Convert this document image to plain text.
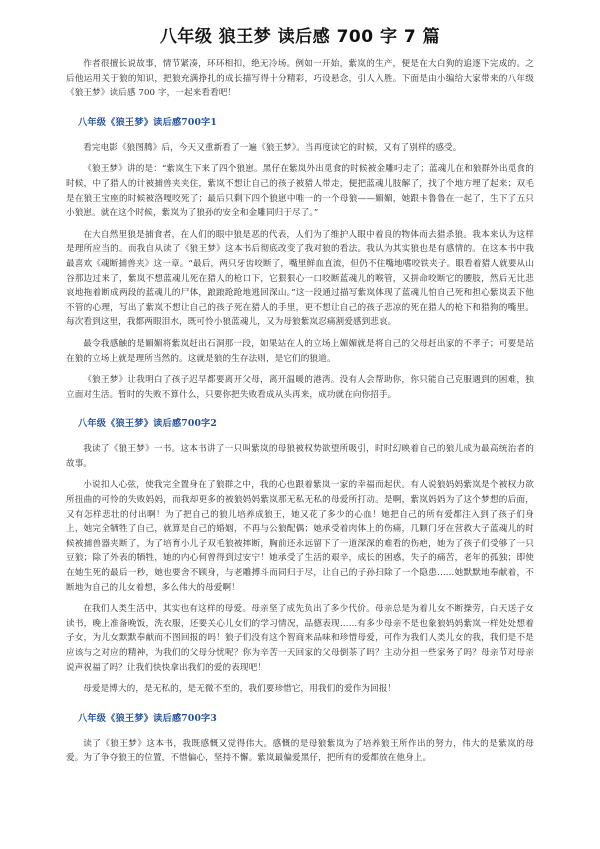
八年级 狼王梦 读后感 700 字 7 篇

作者很擅长说故事，情节紧凑，环环相扣，绝无冷场。例如一开始，紫岚的生产，便是在大白狗的追逐下完成的。之后他运用关于狼的知识，把狼充满挣扎的成长描写得十分精彩，巧设悬念，引人入胜。下面是由小编给大家带来的八年级《狼王梦》读后感 700 字，一起来看看吧！

八年级《狼王梦》读后感700字1

看完电影《狼图腾》后，今天又重新看了一遍《狼王梦》。当再度读它的时候，又有了别样的感受。

《狼王梦》讲的是：“紫岚生下来了四个狼崽。黑仔在紫岚外出觅食的时候被金雕叼走了；蓝魂儿在和狼群外出觅食的时候，中了猎人的计被捕兽夹夹住，紫岚不想让自己的孩子被猎人带走，便把蓝魂儿肢解了，找了个地方埋了起来；双毛是在狼王宝座的时候被洛嘎咬死了；最后只剩下四个狼崽中唯一的一个母狼——媚媚，她跟卡鲁鲁在一起了，生下了五只小狼崽。就在这个时候，紫岚为了狼孙的安全和金雕同归于尽了。”

在大自然里狼是捕食者，在人们的眼中狼是恶的代表，人们为了维护人眼中着良的物体而去猎杀狼。我本来认为这样是理所应当的。而我自从读了《狼王梦》这本书后彻底改变了我对狼的看法。我认为其实狼也是有感情的。在这本书中我最喜欢《魂断捕兽夹》这一章。“最后，两只牙齿咬断了，嘴里鲜血直流，但仍不住嘴地嗜咬铁夹子。眼看着猎人就要从山谷那边过来了，紫岚不想蓝魂儿死在猎人的枪口下，它狠狠心一口咬断蓝魂儿的喉管，又拼命咬断它的腰肢，然后无比悲哀地拖着断成两段的蓝魂儿的尸体，踉踉跄跄地逃回深山。”这一段通过描写紫岚体现了蓝魂儿怕自己死和担心紫岚丢下他不管的心理，写出了紫岚不想让自己的孩子死在猎人的手里，更不想让自己的孩子悲凉的死在猎人的枪下和猎狗的嘴里。每次看到这里，我都两眼泪水，既可怜小狼蓝魂儿，又为母狼紫岚忍痛割爱感到悲哀。

最令我感触的是媚媚将紫岚赶出石洞那一段，如果站在人的立场上媚媚就是将自己的父母赶出家的不孝子；可要是站在狼的立场上就是理所当然的。这就是狼的生存法则，是它们的狼道。

《狼王梦》让我明白了孩子迟早都要离开父母，离开温暖的港湾。没有人会帮助你，你只能自己克服遇到的困难，独立面对生活。暂时的失败不算什么，只要你把失败看成从头再来，成功就在向你招手。

八年级《狼王梦》读后感700字2

我读了《狼王梦》一书。这本书讲了一只叫紫岚的母狼被权势欲望所吸引，时时幻映着自己的狼儿成为最高统治者的故事。

小说扣人心弦，使我完全置身在了狼群之中，我的心也跟着紫岚一家的幸福而起伏。有人说狼妈妈紫岚是个被权力欲所扭曲的可怜的失败妈妈，而我却更多的被狼妈妈紫岚那无私无私的母爱所打动。是啊，紫岚妈妈为了这个梦想的后面，又有怎样悲壮的付出啊！为了把自己的狼儿培养成狼王，她又花了多少的心血！她把自己的所有爱都注入到了孩子们身上，她完全牺牲了自己，就算是自己的婚姻，不再与公狼配偶；她承受着肉体上的伤痛，几颗门牙在营救大子蓝魂儿的时候被捕兽器夹断了，为了培育小儿子双毛狼被摔断，胸前还永远留下了一道深深的难看的伤疤，她为了孩子们受够了一只豆狼；除了外表的牺牲，她的内心何曾得到过安宁！她承受了生活的艰辛，成长的困惑，失子的痛苦，老年的孤独；即使在她生死的最后一秒，她也要舍不顾身，与老雕搏斗而同归于尽，让自己的子孙扫除了一个隐患……她默默地奉献着，不断地为自己的儿女着想，多么伟大的母爱啊！

在我们人类生活中，其实也有这样的母爱。母亲坚了成先负出了多少代价。母亲总是为着儿女不断操劳，白天送子女读书，晚上准备晚饭，洗衣服，还要关心儿女们的学习情况，品德表现……有多少母亲不是也象狼妈妈紫岚一样处处想着子女，为儿女默默奉献而不图回报的吗！狼子们没有这个智商来品味和珍惜母爱，可作为我们人类儿女的我，我们是不是应该与之对应的精神，为我们的父母分忧呢？你为辛苦一天回家的父母倒茶了吗？主动分担一些家务了吗？母亲节对母亲说声祝福了吗？让我们快快拿出我们的爱的表现吧！

母爱是博大的，是无私的，是无微不至的，我们要珍惜它，用我们的爱作为回报！

八年级《狼王梦》读后感700字3

读了《狼王梦》这本书，我既感慨又觉得伟大。感慨的是母狼紫岚为了培养狼王所作出的努力，伟大的是紫岚的母爱。为了争夺狼王的位置，不惜偏心，坚持不懈。紫岚最偏爱黑仔，把所有的爱都放在他身上。
